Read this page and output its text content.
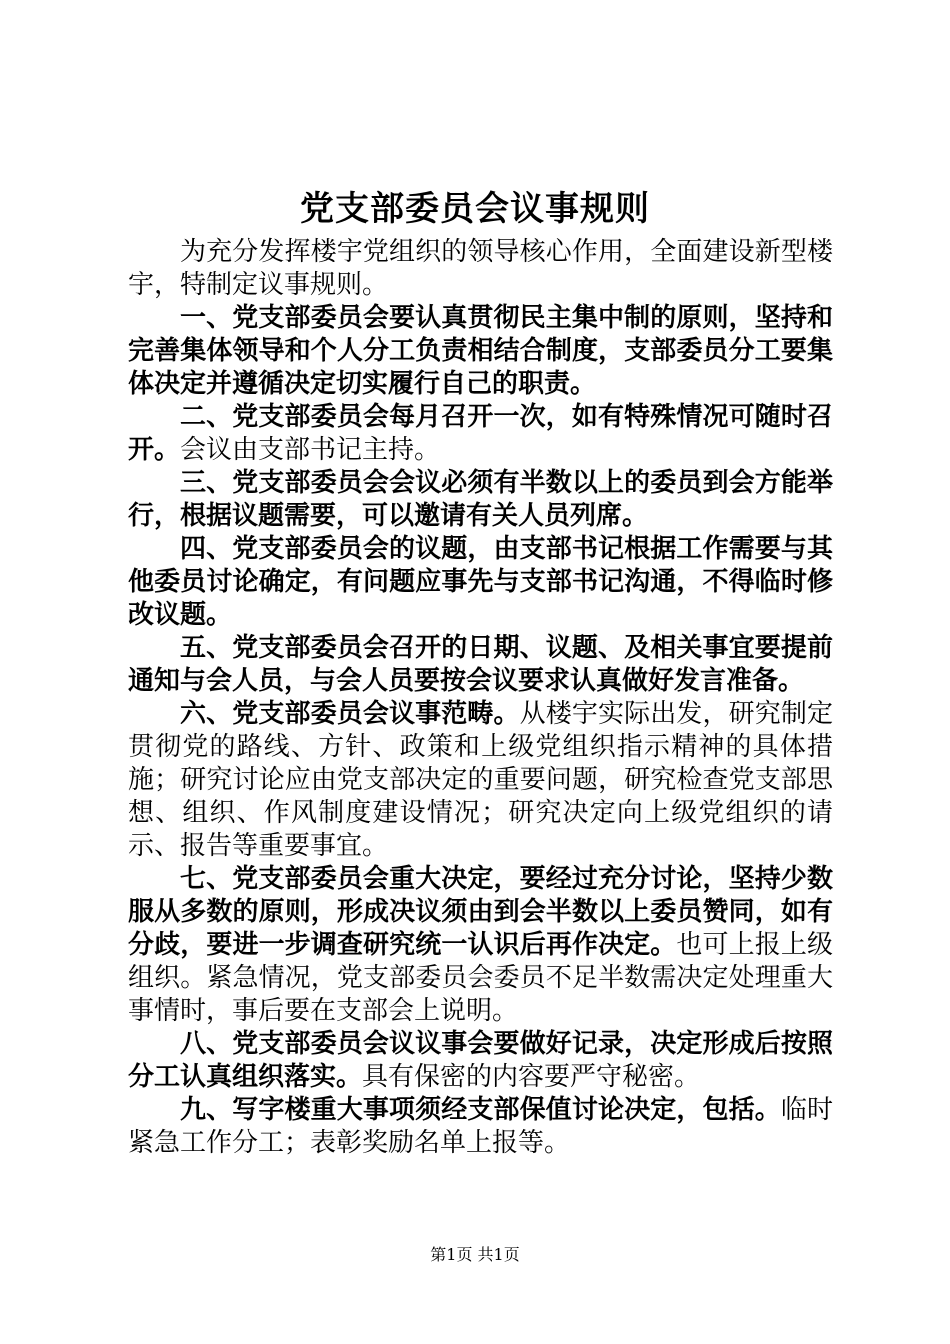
党支部委员会议事规则

为充分发挥楼宇党组织的领导核心作用，全面建设新型楼宇，特制定议事规则。

一、党支部委员会要认真贯彻民主集中制的原则，坚持和完善集体领导和个人分工负责相结合制度，支部委员分工要集体决定并遵循决定切实履行自己的职责。

二、党支部委员会每月召开一次，如有特殊情况可随时召开。会议由支部书记主持。

三、党支部委员会会议必须有半数以上的委员到会方能举行，根据议题需要，可以邀请有关人员列席。

四、党支部委员会的议题，由支部书记根据工作需要与其他委员讨论确定，有问题应事先与支部书记沟通，不得临时修改议题。

五、党支部委员会召开的日期、议题、及相关事宜要提前通知与会人员，与会人员要按会议要求认真做好发言准备。

六、党支部委员会议事范畴。从楼宇实际出发，研究制定贯彻党的路线、方针、政策和上级党组织指示精神的具体措施；研究讨论应由党支部决定的重要问题，研究检查党支部思想、组织、作风制度建设情况；研究决定向上级党组织的请示、报告等重要事宜。

七、党支部委员会重大决定，要经过充分讨论，坚持少数服从多数的原则，形成决议须由到会半数以上委员赞同，如有分歧，要进一步调查研究统一认识后再作决定。也可上报上级组织。紧急情况，党支部委员会委员不足半数需决定处理重大事情时，事后要在支部会上说明。

八、党支部委员会议议事会要做好记录，决定形成后按照分工认真组织落实。具有保密的内容要严守秘密。

九、写字楼重大事项须经支部保值讨论决定，包括。临时紧急工作分工；表彰奖励名单上报等。

第1页 共1页
